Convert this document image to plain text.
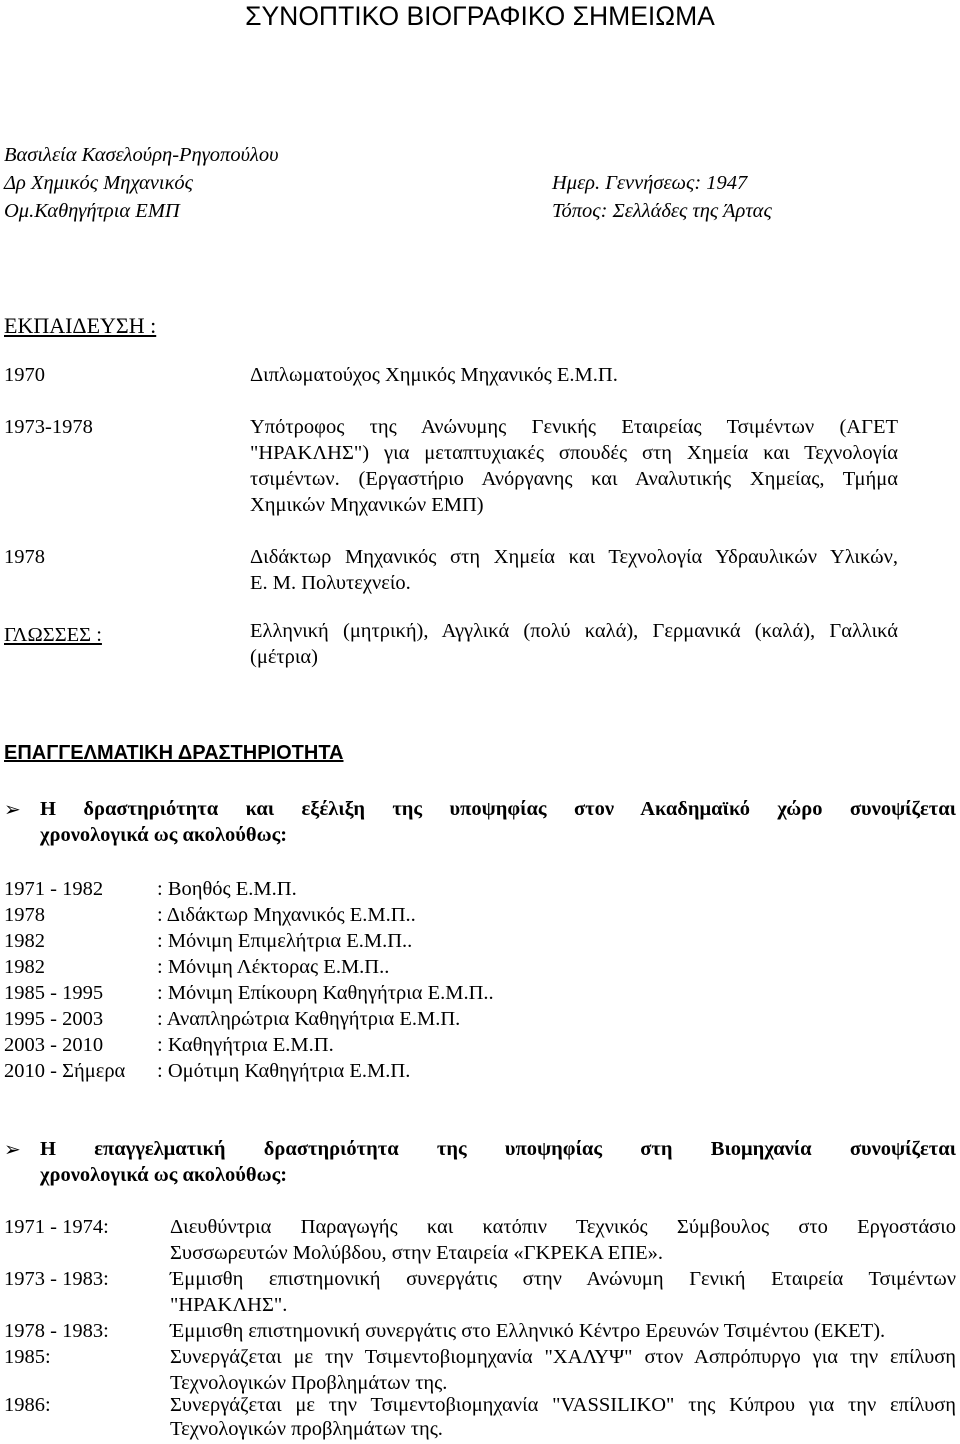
ΣΥΝΟΠΤΙΚΟ ΒΙΟΓΡΑΦΙΚΟ ΣΗΜΕΙΩΜΑ
Βασιλεία Κασελούρη-Ρηγοπούλου
Δρ Χημικός Μηχανικός
Ομ.Καθηγήτρια ΕΜΠ
Ημερ. Γεννήσεως: 1947
Τόπος: Σελλάδες της Άρτας
ΕΚΠΑΙΔΕΥΣΗ :
1970	Διπλωματούχος Χημικός Μηχανικός Ε.Μ.Π.
1973-1978	Υπότροφος της Ανώνυμης Γενικής Εταιρείας Τσιμέντων (ΑΓΕΤ
"ΗΡΑΚΛΗΣ") για μεταπτυχιακές σπουδές στη Χημεία και Τεχνολογία
τσιμέντων. (Εργαστήριο Ανόργανης και Αναλυτικής Χημείας, Τμήμα
Χημικών Μηχανικών ΕΜΠ)
1978	Διδάκτωρ Μηχανικός στη Χημεία και Τεχνολογία Υδραυλικών Υλικών,
Ε. Μ. Πολυτεχνείο.
ΓΛΩΣΣΕΣ :	Ελληνική (μητρική), Αγγλικά (πολύ καλά), Γερμανικά (καλά), Γαλλικά
(μέτρια)
ΕΠΑΓΓΕΛΜΑΤΙΚΗ ΔΡΑΣΤΗΡΙΟΤΗΤΑ
➢ Η δραστηριότητα και εξέλιξη της υποψηφίας στον Ακαδημαϊκό χώρο συνοψίζεται
χρονολογικά ως ακολούθως:
1971 - 1982	: Βοηθός Ε.Μ.Π.
1978	: Διδάκτωρ Μηχανικός Ε.Μ.Π..
1982	: Μόνιμη Επιμελήτρια Ε.Μ.Π..
1982	: Μόνιμη Λέκτορας Ε.Μ.Π..
1985 - 1995	: Μόνιμη Επίκουρη Καθηγήτρια Ε.Μ.Π..
1995 - 2003	: Αναπληρώτρια Καθηγήτρια Ε.Μ.Π.
2003 - 2010	: Καθηγήτρια Ε.Μ.Π.
2010 - Σήμερα : Ομότιμη Καθηγήτρια Ε.Μ.Π.
➢ Η επαγγελματική δραστηριότητα της υποψηφίας στη Βιομηχανία συνοψίζεται
χρονολογικά ως ακολούθως:
1971 - 1974:	Διευθύντρια Παραγωγής και κατόπιν Τεχνικός Σύμβουλος στο Εργοστάσιο
Συσσωρευτών Μολύβδου, στην Εταιρεία «ΓΚΡΕΚΑ ΕΠΕ».
1973 - 1983:	Έμμισθη επιστημονική συνεργάτις στην Ανώνυμη Γενική Εταιρεία Τσιμέντων
"ΗΡΑΚΛΗΣ".
1978 - 1983:	Έμμισθη επιστημονική συνεργάτις στο Ελληνικό Κέντρο Ερευνών Τσιμέντου (ΕΚΕΤ).
1985:	Συνεργάζεται με την Τσιμεντοβιομηχανία "ΧΑΛΥΨ" στον Ασπρόπυργο για την επίλυση
Τεχνολογικών Προβλημάτων της.
1986:	Συνεργάζεται με την Τσιμεντοβιομηχανία "VASSILIKO" της Κύπρου για την επίλυση
Τεχνολογικών προβλημάτων της.
